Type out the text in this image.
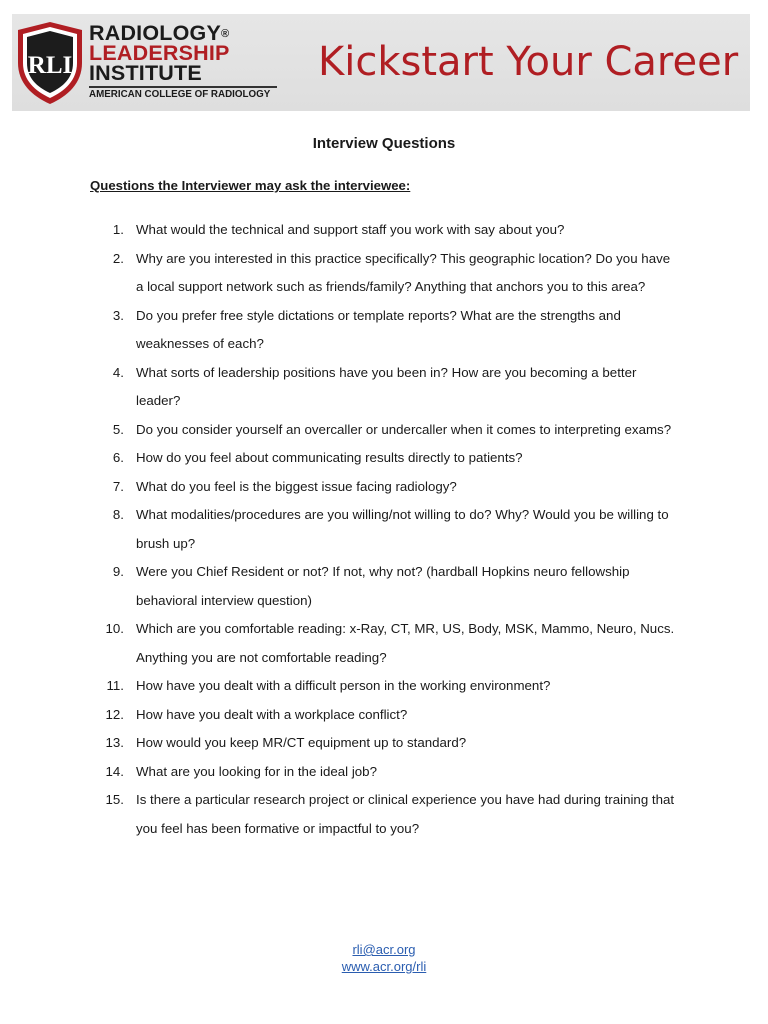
RLI
RADIOLOGY®
LEADERSHIP
INSTITUTE
AMERICAN COLLEGE OF RADIOLOGY
Kickstart Your Career
Interview Questions
Questions the Interviewer may ask the interviewee:
1. What would the technical and support staff you work with say about you?
2. Why are you interested in this practice specifically? This geographic location? Do you have a local support network such as friends/family? Anything that anchors you to this area?
3. Do you prefer free style dictations or template reports? What are the strengths and weaknesses of each?
4. What sorts of leadership positions have you been in? How are you becoming a better leader?
5. Do you consider yourself an overcaller or undercaller when it comes to interpreting exams?
6. How do you feel about communicating results directly to patients?
7. What do you feel is the biggest issue facing radiology?
8. What modalities/procedures are you willing/not willing to do? Why? Would you be willing to brush up?
9. Were you Chief Resident or not? If not, why not? (hardball Hopkins neuro fellowship behavioral interview question)
10. Which are you comfortable reading: x-Ray, CT, MR, US, Body, MSK, Mammo, Neuro, Nucs. Anything you are not comfortable reading?
11. How have you dealt with a difficult person in the working environment?
12. How have you dealt with a workplace conflict?
13. How would you keep MR/CT equipment up to standard?
14. What are you looking for in the ideal job?
15. Is there a particular research project or clinical experience you have had during training that you feel has been formative or impactful to you?
rli@acr.org
www.acr.org/rli
